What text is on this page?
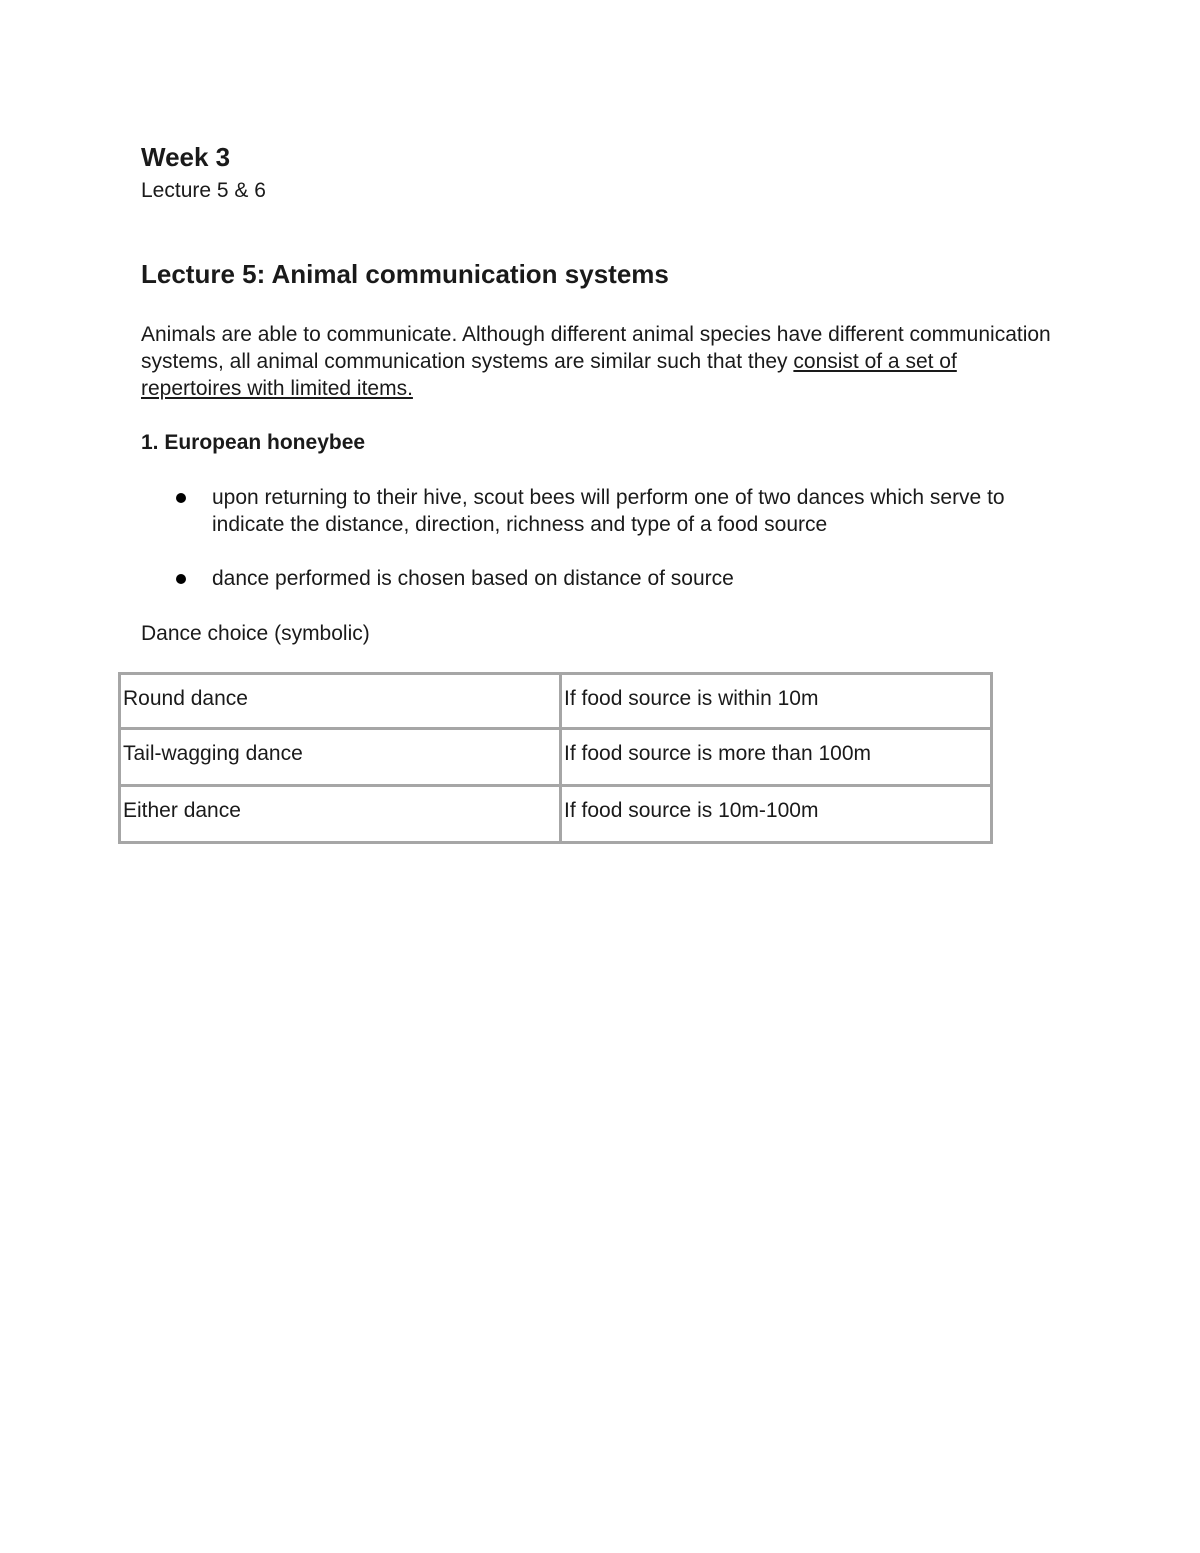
Week 3

Lecture 5 & 6

Lecture 5: Animal communication systems

Animals are able to communicate. Although different animal species have different communication systems, all animal communication systems are similar such that they consist of a set of repertoires with limited items.

1. European honeybee
upon returning to their hive, scout bees will perform one of two dances which serve to indicate the distance, direction, richness and type of a food source
dance performed is chosen based on distance of source

Dance choice (symbolic)

Round dance	If food source is within 10m
Tail-wagging dance	If food source is more than 100m
Either dance	If food source is 10m-100m
